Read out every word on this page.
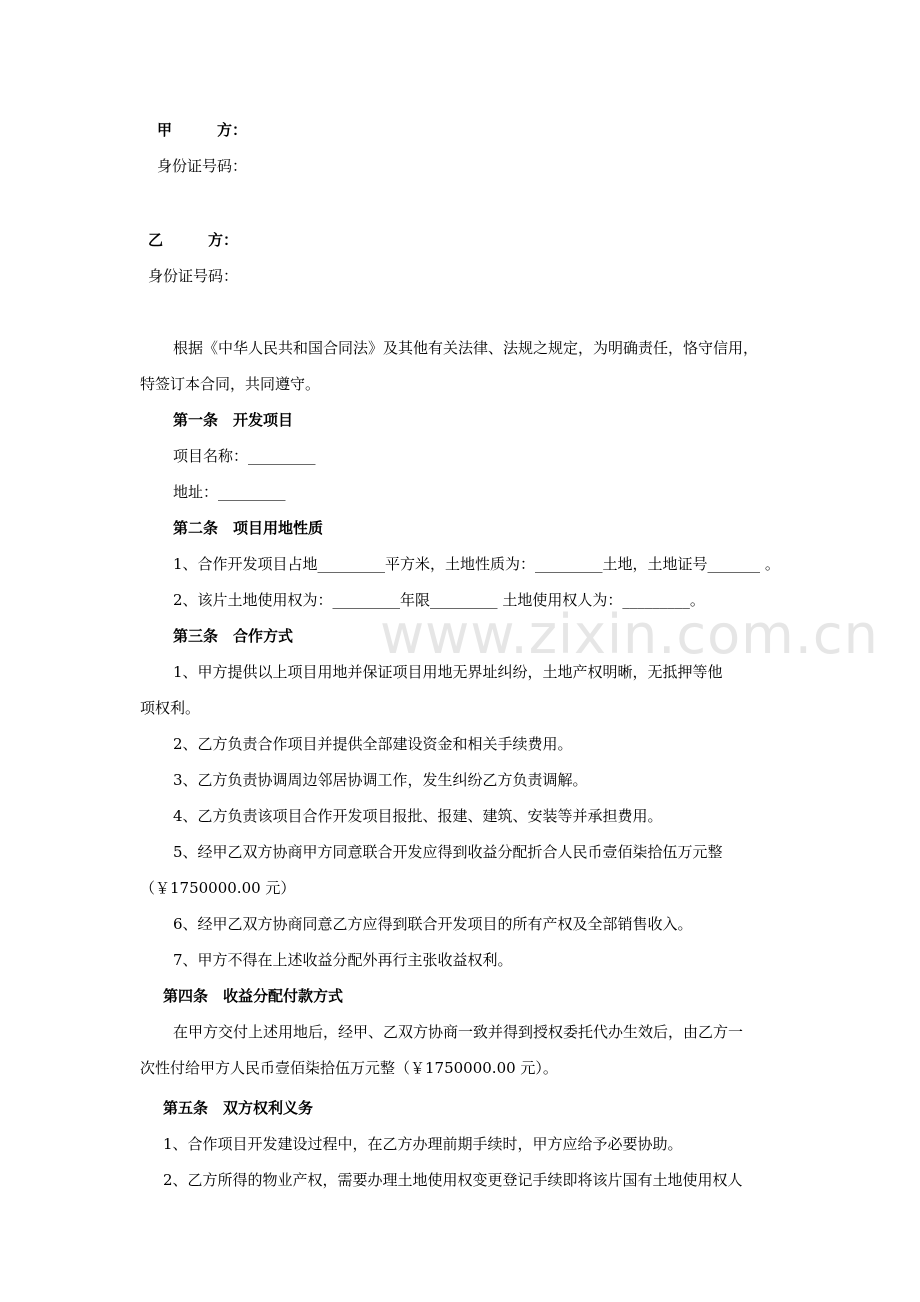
www.zixin.com.cn
甲	方：
身份证号码：
乙	方：
身份证号码：
根据《中华人民共和国合同法》及其他有关法律、法规之规定，为明确责任，恪守信用，
特签订本合同，共同遵守。
第一条　开发项目
项目名称：_________
地址：_________
第二条　项目用地性质
1、合作开发项目占地_________平方米，土地性质为：_________土地，土地证号_______ 。
2、该片土地使用权为：_________年限_________ 土地使用权人为：_________。
第三条　合作方式
1、甲方提供以上项目用地并保证项目用地无界址纠纷，土地产权明晰，无抵押等他
项权利。
2、乙方负责合作项目并提供全部建设资金和相关手续费用。
3、乙方负责协调周边邻居协调工作，发生纠纷乙方负责调解。
4、乙方负责该项目合作开发项目报批、报建、建筑、安装等并承担费用。
5、经甲乙双方协商甲方同意联合开发应得到收益分配折合人民币壹佰柒拾伍万元整
（￥1750000.00 元）
6、经甲乙双方协商同意乙方应得到联合开发项目的所有产权及全部销售收入。
7、甲方不得在上述收益分配外再行主张收益权利。
第四条　收益分配付款方式
在甲方交付上述用地后，经甲、乙双方协商一致并得到授权委托代办生效后，由乙方一
次性付给甲方人民币壹佰柒拾伍万元整（￥1750000.00 元）。
第五条　双方权利义务
1、合作项目开发建设过程中，在乙方办理前期手续时，甲方应给予必要协助。
2、乙方所得的物业产权，需要办理土地使用权变更登记手续即将该片国有土地使用权人
